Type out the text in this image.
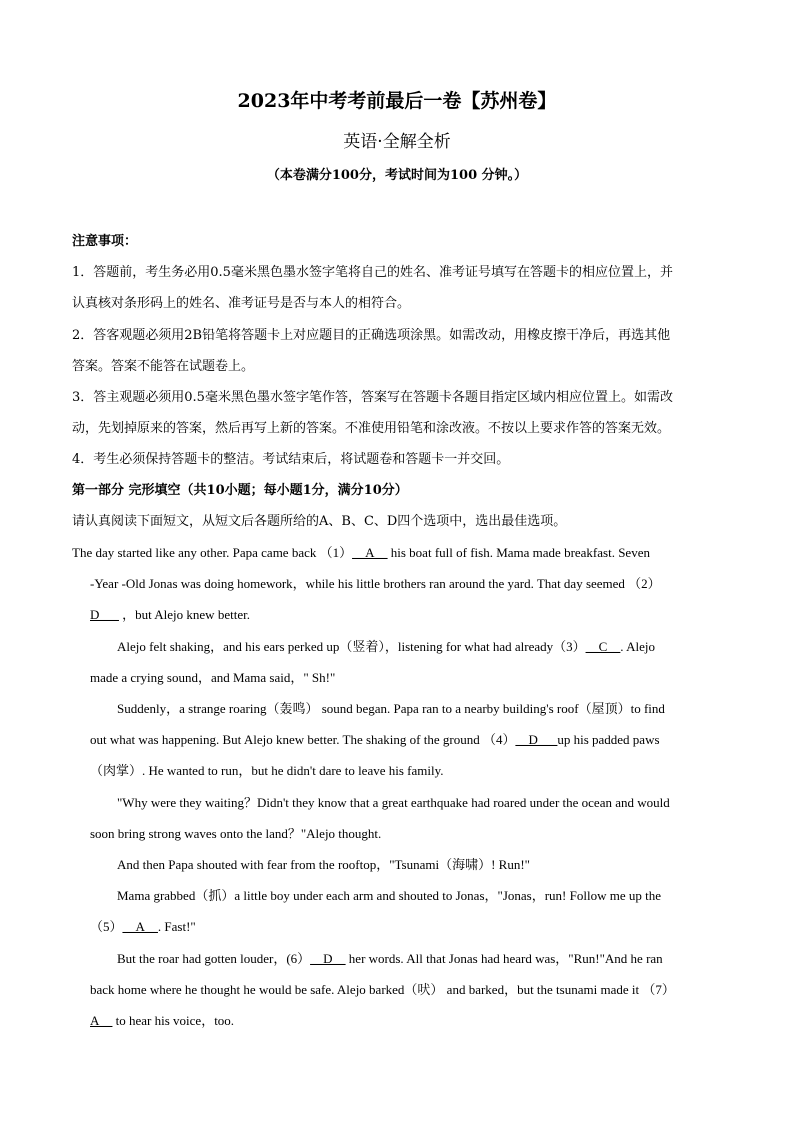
2023年中考考前最后一卷【苏州卷】
英语·全解全析
（本卷满分100分，考试时间为100 分钟。）
注意事项：
1．答题前，考生务必用0.5毫米黑色墨水签字笔将自己的姓名、准考证号填写在答题卡的相应位置上，并
认真核对条形码上的姓名、准考证号是否与本人的相符合。
2．答客观题必须用2B铅笔将答题卡上对应题目的正确选项涂黑。如需改动，用橡皮擦干净后，再选其他
答案。答案不能答在试题卷上。
3．答主观题必须用0.5毫米黑色墨水签字笔作答，答案写在答题卡各题目指定区域内相应位置上。如需改
动，先划掉原来的答案，然后再写上新的答案。不准使用铅笔和涂改液。不按以上要求作答的答案无效。
4．考生必须保持答题卡的整洁。考试结束后，将试题卷和答题卡一并交回。
第一部分 完形填空（共10小题；每小题1分，满分10分）
请认真阅读下面短文，从短文后各题所给的A、B、C、D四个选项中，选出最佳选项。
The day started like any other. Papa came back （1）__A__ his boat full of fish. Mama made breakfast. Seven
-Year -Old Jonas was doing homework，while his little brothers ran around the yard. That day seemed （2）
D___ ，but Alejo knew better.
Alejo felt shaking，and his ears perked up（竖着），listening for what had already（3）__C__. Alejo
made a crying sound，and Mama said，" Sh!"
Suddenly，a strange roaring（轰鸣） sound began. Papa ran to a nearby building's roof（屋顶）to find
out what was happening. But Alejo knew better. The shaking of the ground （4）__D___up his padded paws
（肉掌）. He wanted to run，but he didn't dare to leave his family.
"Why were they waiting？Didn't they know that a great earthquake had roared under the ocean and would
soon bring strong waves onto the land？"Alejo thought.
And then Papa shouted with fear from the rooftop，"Tsunami（海啸）! Run!"
Mama grabbed（抓）a little boy under each arm and shouted to Jonas，"Jonas，run! Follow me up the
（5）__A__. Fast!"
But the roar had gotten louder，(6）__D__ her words. All that Jonas had heard was，"Run!"And he ran
back home where he thought he would be safe. Alejo barked（吠） and barked，but the tsunami made it （7）
A__ to hear his voice，too.
